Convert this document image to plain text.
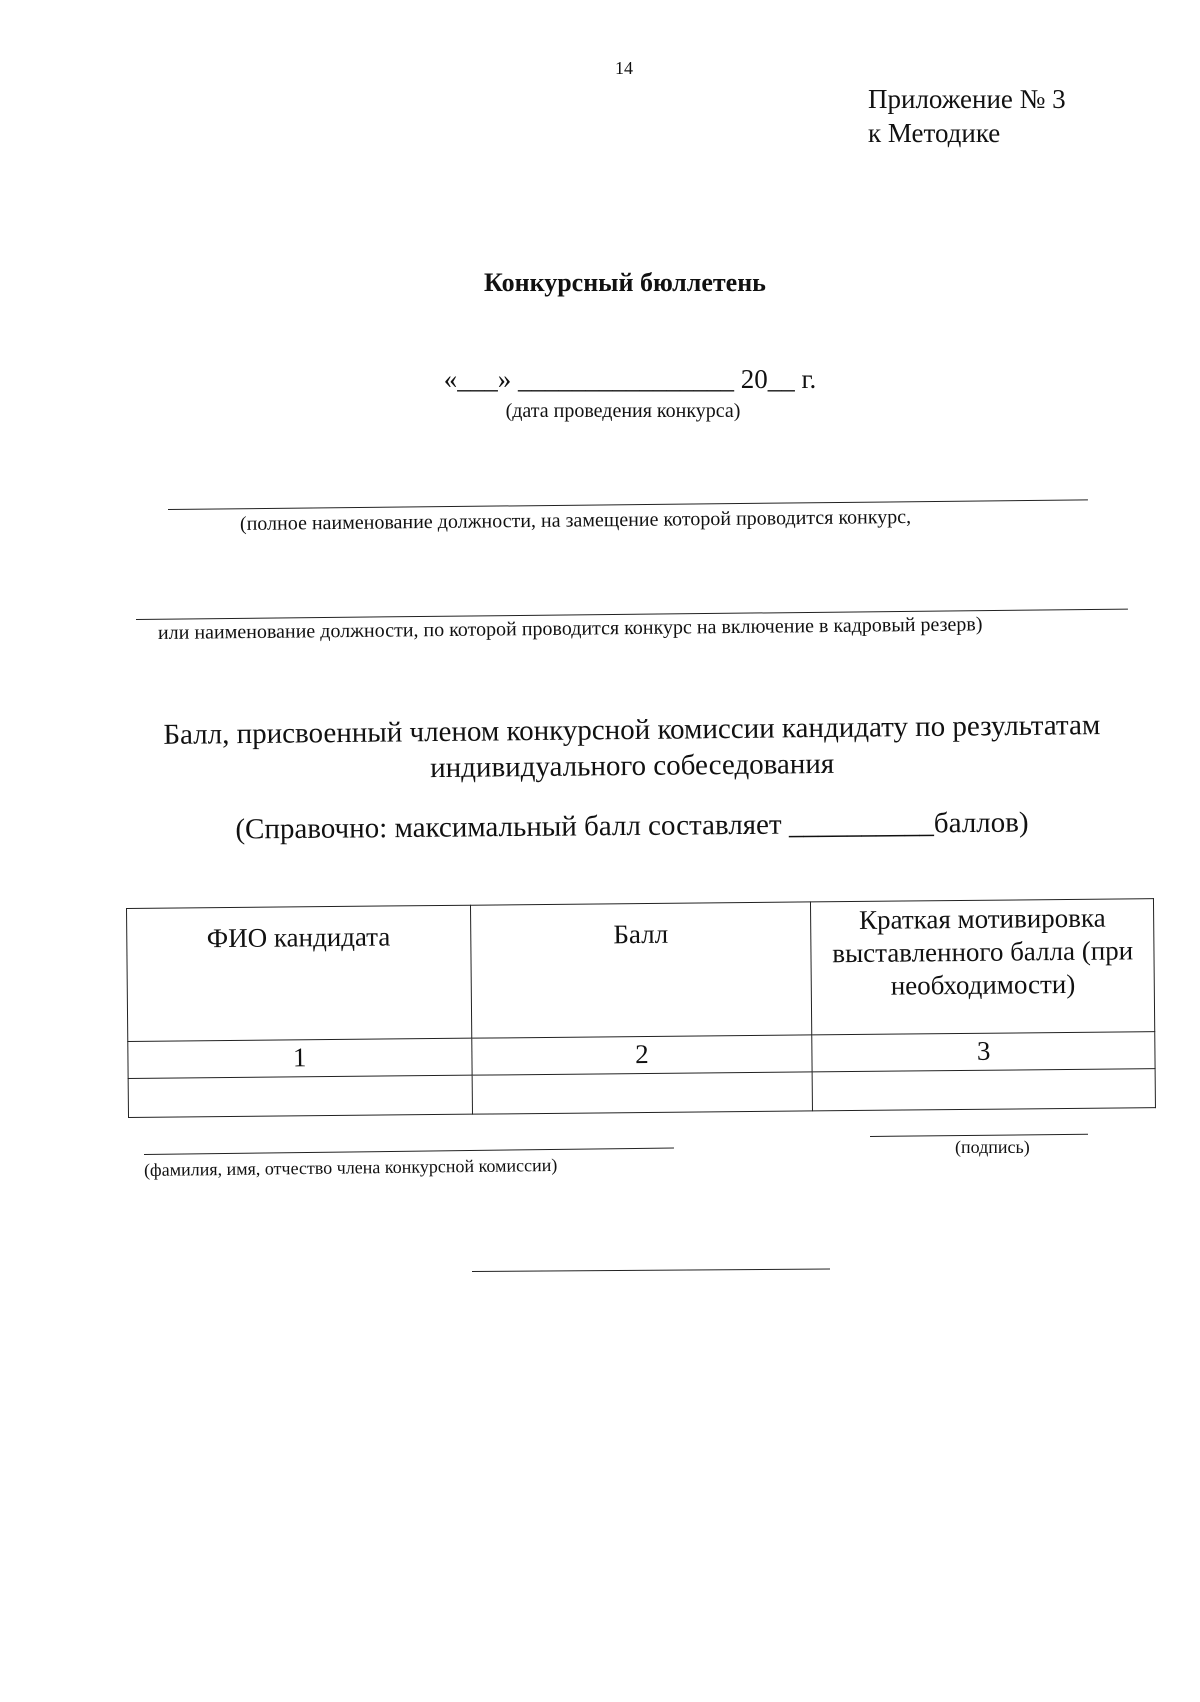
14
Приложение № 3
к Методике
Конкурсный бюллетень
«___» ________________ 20__ г.
(дата проведения конкурса)
(полное наименование должности, на замещение которой проводится конкурс,
или наименование должности, по которой проводится конкурс на включение в кадровый резерв)
Балл, присвоенный членом конкурсной комиссии кандидату по результатам
индивидуального собеседования
(Справочно: максимальный балл составляет __________баллов)
ФИО кандидата	Балл	Краткая мотивировка выставленного балла (при необходимости)
1	2	3

(фамилия, имя, отчество члена конкурсной комиссии)
(подпись)
